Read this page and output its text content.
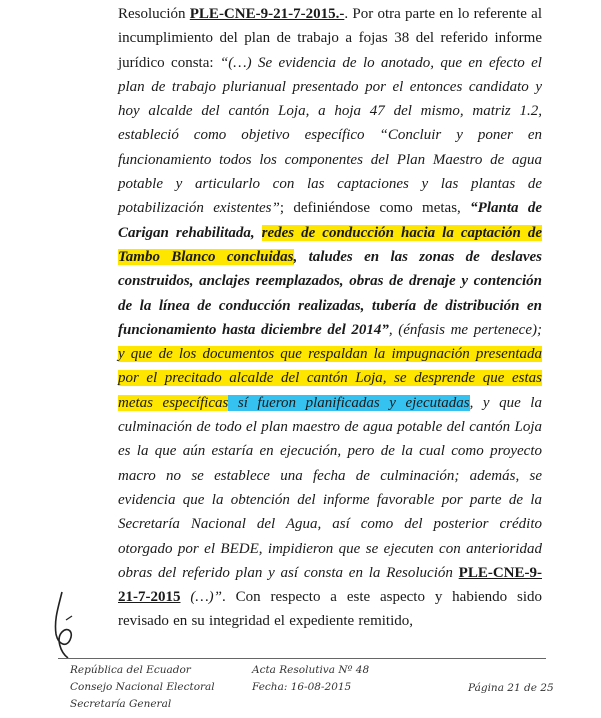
Resolución PLE-CNE-9-21-7-2015.-. Por otra parte en lo referente al incumplimiento del plan de trabajo a fojas 38 del referido informe jurídico consta: “(…) Se evidencia de lo anotado, que en efecto el plan de trabajo plurianual presentado por el entonces candidato y hoy alcalde del cantón Loja, a hoja 47 del mismo, matriz 1.2, estableció como objetivo específico “Concluir y poner en funcionamiento todos los componentes del Plan Maestro de agua potable y articularlo con las captaciones y las plantas de potabilización existentes”; definiéndose como metas, “Planta de Carigan rehabilitada, redes de conducción hacia la captación de Tambo Blanco concluidas, taludes en las zonas de deslaves construidos, anclajes reemplazados, obras de drenaje y contención de la línea de conducción realizadas, tubería de distribución en funcionamiento hasta diciembre del 2014”, (énfasis me pertenece); y que de los documentos que respaldan la impugnación presentada por el precitado alcalde del cantón Loja, se desprende que estas metas específicas sí fueron planificadas y ejecutadas, y que la culminación de todo el plan maestro de agua potable del cantón Loja es la que aún estaría en ejecución, pero de la cual como proyecto macro no se establece una fecha de culminación; además, se evidencia que la obtención del informe favorable por parte de la Secretaría Nacional del Agua, así como del posterior crédito otorgado por el BEDE, impidieron que se ejecuten con anterioridad obras del referido plan y así consta en la Resolución PLE-CNE-9-21-7-2015 (…)”. Con respecto a este aspecto y habiendo sido revisado en su integridad el expediente remitido,

República del Ecuador
Consejo Nacional Electoral
Secretaría General
Acta Resolutiva Nº 48
Fecha: 16-08-2015	Página 21 de 25
